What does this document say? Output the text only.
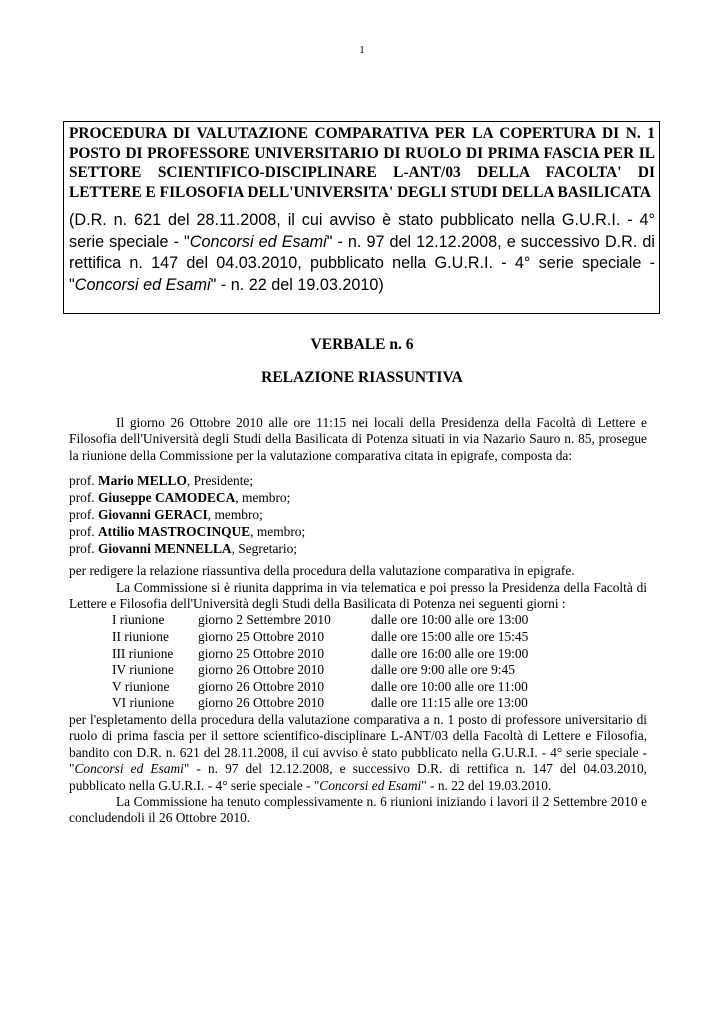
1

PROCEDURA DI VALUTAZIONE COMPARATIVA PER LA COPERTURA DI N. 1 POSTO DI PROFESSORE UNIVERSITARIO DI RUOLO DI PRIMA FASCIA PER IL SETTORE SCIENTIFICO-DISCIPLINARE L-ANT/03 DELLA FACOLTA' DI LETTERE E FILOSOFIA DELL'UNIVERSITA' DEGLI STUDI DELLA BASILICATA

(D.R. n. 621 del 28.11.2008, il cui avviso è stato pubblicato nella G.U.R.I. - 4° serie speciale - "Concorsi ed Esami" - n. 97 del 12.12.2008, e successivo D.R. di rettifica n. 147 del 04.03.2010, pubblicato nella G.U.R.I. - 4° serie speciale - "Concorsi ed Esami" - n. 22 del 19.03.2010)

VERBALE n. 6
RELAZIONE RIASSUNTIVA

Il giorno 26 Ottobre 2010 alle ore 11:15 nei locali della Presidenza della Facoltà di Lettere e Filosofia dell'Università degli Studi della Basilicata di Potenza situati in via Nazario Sauro n. 85, prosegue la riunione della Commissione per la valutazione comparativa citata in epigrafe, composta da:

prof. Mario MELLO, Presidente;
prof. Giuseppe CAMODECA, membro;
prof. Giovanni GERACI, membro;
prof. Attilio MASTROCINQUE, membro;
prof. Giovanni MENNELLA, Segretario;

per redigere la relazione riassuntiva della procedura della valutazione comparativa in epigrafe.

La Commissione si è riunita dapprima in via telematica e poi presso la Presidenza della Facoltà di Lettere e Filosofia dell'Università degli Studi della Basilicata di Potenza nei seguenti giorni :

I riunione	giorno 2 Settembre 2010	dalle ore 10:00 alle ore 13:00
II riunione	giorno 25 Ottobre 2010	dalle ore 15:00 alle ore 15:45
III riunione	giorno 25 Ottobre 2010	dalle ore 16:00 alle ore 19:00
IV riunione	giorno 26 Ottobre 2010	dalle ore 9:00 alle ore 9:45
V riunione	giorno 26 Ottobre 2010	dalle ore 10:00 alle ore 11:00
VI riunione	giorno 26 Ottobre 2010	dalle ore 11:15 alle ore 13:00

per l'espletamento della procedura della valutazione comparativa a n. 1 posto di professore universitario di ruolo di prima fascia per il settore scientifico-disciplinare L-ANT/03 della Facoltà di Lettere e Filosofia, bandito con D.R. n. 621 del 28.11.2008, il cui avviso è stato pubblicato nella G.U.R.I. - 4° serie speciale - "Concorsi ed Esami" - n. 97 del 12.12.2008, e successivo D.R. di rettifica n. 147 del 04.03.2010, pubblicato nella G.U.R.I. - 4° serie speciale - "Concorsi ed Esami" - n. 22 del 19.03.2010.

La Commissione ha tenuto complessivamente n. 6 riunioni iniziando i lavori il 2 Settembre 2010 e concludendoli il 26 Ottobre 2010.
